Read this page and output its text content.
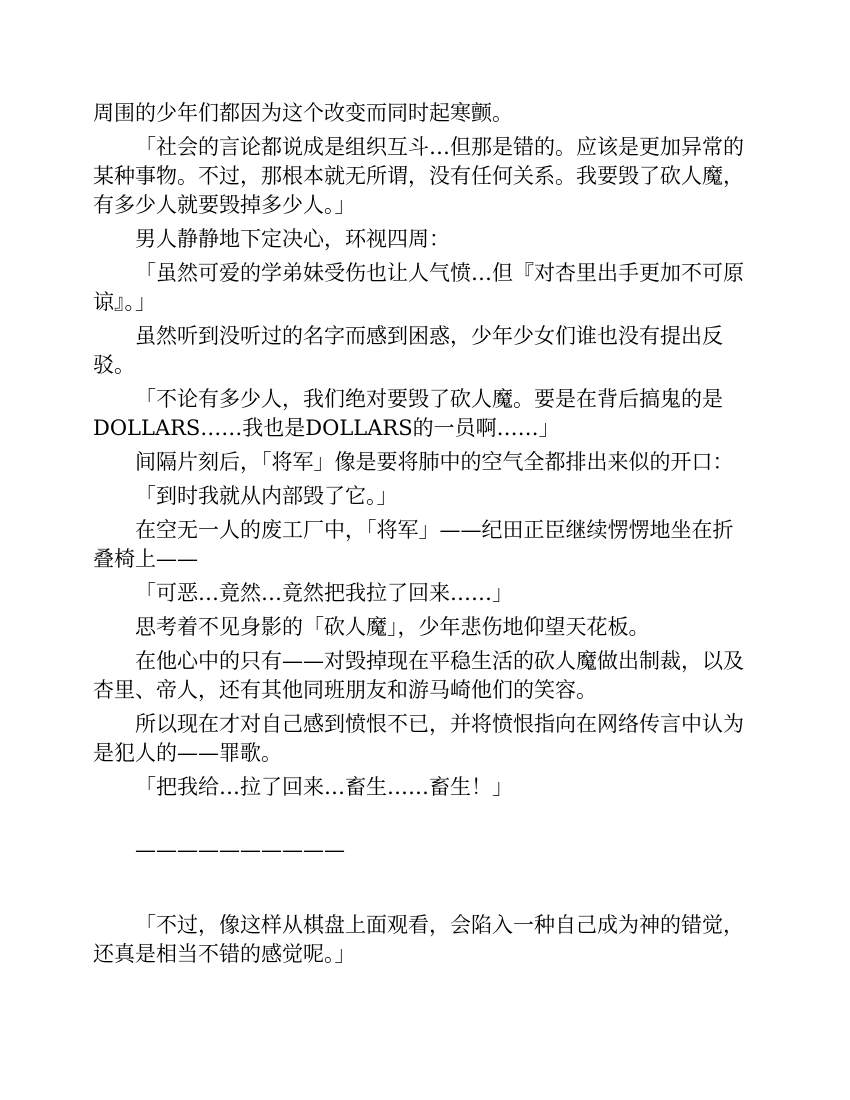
周围的少年们都因为这个改变而同时起寒颤。

「社会的言论都说成是组织互斗…但那是错的。应该是更加异常的某种事物。不过，那根本就无所谓，没有任何关系。我要毁了砍人魔，有多少人就要毁掉多少人。」

男人静静地下定决心，环视四周：

「虽然可爱的学弟妹受伤也让人气愤…但『对杏里出手更加不可原谅』。」

虽然听到没听过的名字而感到困惑，少年少女们谁也没有提出反驳。

「不论有多少人，我们绝对要毁了砍人魔。要是在背后搞鬼的是DOLLARS……我也是DOLLARS的一员啊……」

间隔片刻后，「将军」像是要将肺中的空气全都排出来似的开口：

「到时我就从内部毁了它。」

在空无一人的废工厂中，「将军」——纪田正臣继续愣愣地坐在折叠椅上——

「可恶…竟然…竟然把我拉了回来……」

思考着不见身影的「砍人魔」，少年悲伤地仰望天花板。

在他心中的只有——对毁掉现在平稳生活的砍人魔做出制裁，以及杏里、帝人，还有其他同班朋友和游马崎他们的笑容。

所以现在才对自己感到愤恨不已，并将愤恨指向在网络传言中认为是犯人的——罪歌。

「把我给…拉了回来…畜生……畜生！」

——————————

「不过，像这样从棋盘上面观看，会陷入一种自己成为神的错觉，还真是相当不错的感觉呢。」
